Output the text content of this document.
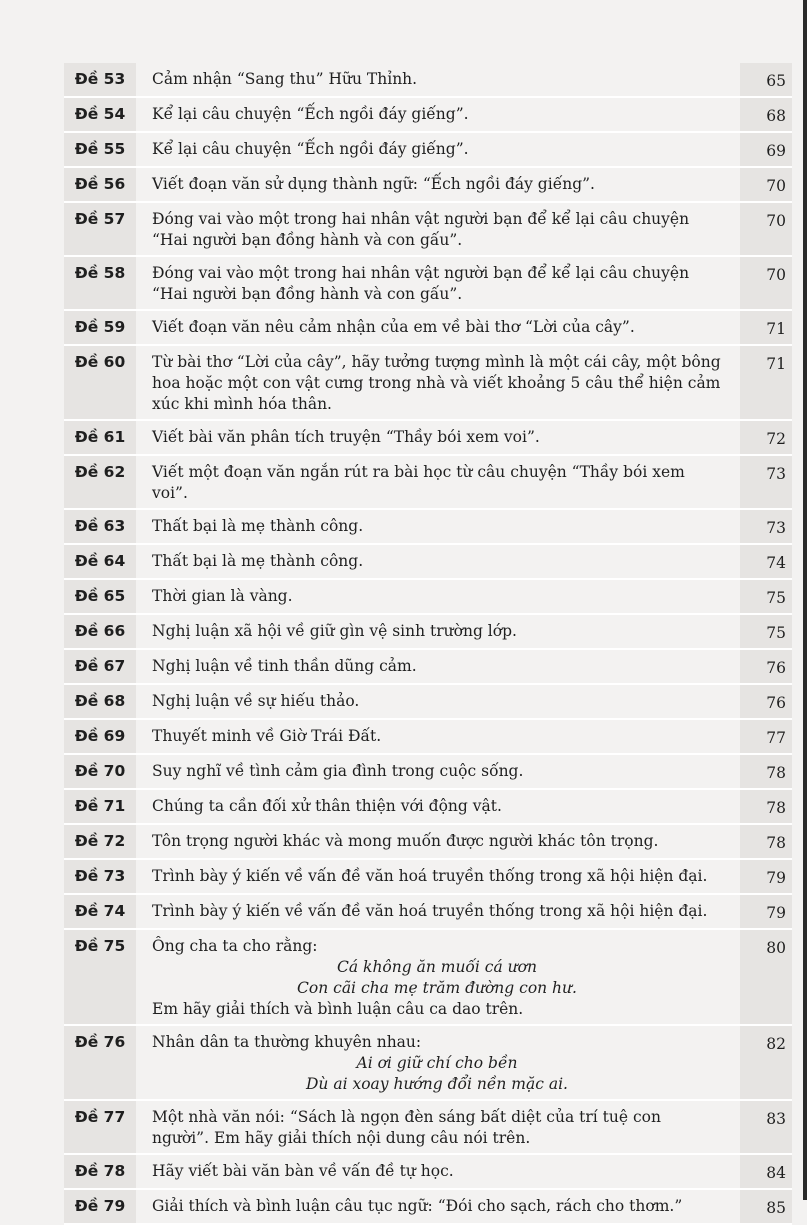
Đề 53	Cảm nhận “Sang thu” Hữu Thỉnh.	65
Đề 54	Kể lại câu chuyện “Ếch ngồi đáy giếng”.	68
Đề 55	Kể lại câu chuyện “Ếch ngồi đáy giếng”.	69
Đề 56	Viết đoạn văn sử dụng thành ngữ: “Ếch ngồi đáy giếng”.	70
Đề 57	Đóng vai vào một trong hai nhân vật người bạn để kể lại câu chuyện “Hai người bạn đồng hành và con gấu”.	70
Đề 58	Đóng vai vào một trong hai nhân vật người bạn để kể lại câu chuyện “Hai người bạn đồng hành và con gấu”.	70
Đề 59	Viết đoạn văn nêu cảm nhận của em về bài thơ “Lời của cây”.	71
Đề 60	Từ bài thơ “Lời của cây”, hãy tưởng tượng mình là một cái cây, một bông hoa hoặc một con vật cưng trong nhà và viết khoảng 5 câu thể hiện cảm xúc khi mình hóa thân.	71
Đề 61	Viết bài văn phân tích truyện “Thầy bói xem voi”.	72
Đề 62	Viết một đoạn văn ngắn rút ra bài học từ câu chuyện “Thầy bói xem voi”.	73
Đề 63	Thất bại là mẹ thành công.	73
Đề 64	Thất bại là mẹ thành công.	74
Đề 65	Thời gian là vàng.	75
Đề 66	Nghị luận xã hội về giữ gìn vệ sinh trường lớp.	75
Đề 67	Nghị luận về tinh thần dũng cảm.	76
Đề 68	Nghị luận về sự hiếu thảo.	76
Đề 69	Thuyết minh về Giờ Trái Đất.	77
Đề 70	Suy nghĩ về tình cảm gia đình trong cuộc sống.	78
Đề 71	Chúng ta cần đối xử thân thiện với động vật.	78
Đề 72	Tôn trọng người khác và mong muốn được người khác tôn trọng.	78
Đề 73	Trình bày ý kiến về vấn đề văn hoá truyền thống trong xã hội hiện đại.	79
Đề 74	Trình bày ý kiến về vấn đề văn hoá truyền thống trong xã hội hiện đại.	79
Đề 75	Ông cha ta cho rằng:
Cá không ăn muối cá ươn
Con cãi cha mẹ trăm đường con hư.
Em hãy giải thích và bình luận câu ca dao trên.	80
Đề 76	Nhân dân ta thường khuyên nhau:
Ai ơi giữ chí cho bền
Dù ai xoay hướng đổi nền mặc ai.	82
Đề 77	Một nhà văn nói: “Sách là ngọn đèn sáng bất diệt của trí tuệ con người”. Em hãy giải thích nội dung câu nói trên.	83
Đề 78	Hãy viết bài văn bàn về vấn đề tự học.	84
Đề 79	Giải thích và bình luận câu tục ngữ: “Đói cho sạch, rách cho thơm.”	85
